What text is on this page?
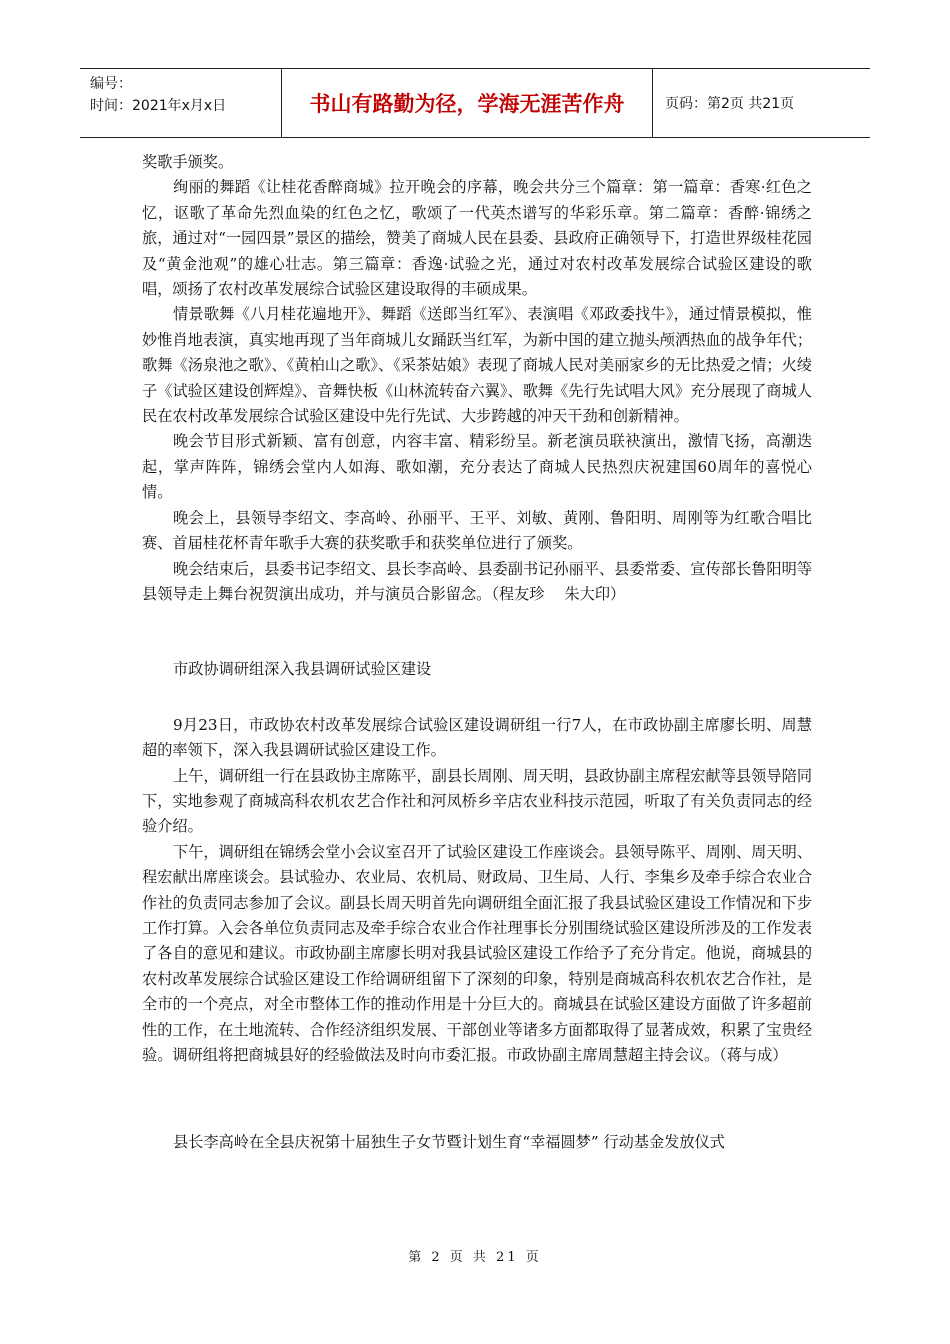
编号：
时间：2021年x月x日	书山有路勤为径，学海无涯苦作舟	页码：第2页 共21页

奖歌手颁奖。

绚丽的舞蹈《让桂花香醉商城》拉开晚会的序幕，晚会共分三个篇章：第一篇章：香寒·红色之忆，讴歌了革命先烈血染的红色之忆，歌颂了一代英杰谱写的华彩乐章。第二篇章：香醉·锦绣之旅，通过对“一园四景”景区的描绘，赞美了商城人民在县委、县政府正确领导下，打造世界级桂花园及“黄金池观”的雄心壮志。第三篇章：香逸·试验之光，通过对农村改革发展综合试验区建设的歌唱，颂扬了农村改革发展综合试验区建设取得的丰硕成果。

情景歌舞《八月桂花遍地开》、舞蹈《送郎当红军》、表演唱《邓政委找牛》，通过情景模拟，惟妙惟肖地表演，真实地再现了当年商城儿女踊跃当红军，为新中国的建立抛头颅洒热血的战争年代；歌舞《汤泉池之歌》、《黄柏山之歌》、《采茶姑娘》表现了商城人民对美丽家乡的无比热爱之情；火绫子《试验区建设创辉煌》、音舞快板《山林流转奋六翼》、歌舞《先行先试唱大风》充分展现了商城人民在农村改革发展综合试验区建设中先行先试、大步跨越的冲天干劲和创新精神。

晚会节目形式新颖、富有创意，内容丰富、精彩纷呈。新老演员联袂演出，激情飞扬，高潮迭起，掌声阵阵，锦绣会堂内人如海、歌如潮，充分表达了商城人民热烈庆祝建国60周年的喜悦心情。

晚会上，县领导李绍文、李高岭、孙丽平、王平、刘敏、黄刚、鲁阳明、周刚等为红歌合唱比赛、首届桂花杯青年歌手大赛的获奖歌手和获奖单位进行了颁奖。

晚会结束后，县委书记李绍文、县长李高岭、县委副书记孙丽平、县委常委、宣传部长鲁阳明等县领导走上舞台祝贺演出成功，并与演员合影留念。（程友珍　 朱大印）

市政协调研组深入我县调研试验区建设

9月23日，市政协农村改革发展综合试验区建设调研组一行7人，在市政协副主席廖长明、周慧超的率领下，深入我县调研试验区建设工作。

上午，调研组一行在县政协主席陈平，副县长周刚、周天明，县政协副主席程宏献等县领导陪同下，实地参观了商城高科农机农艺合作社和河凤桥乡辛店农业科技示范园，听取了有关负责同志的经验介绍。

下午，调研组在锦绣会堂小会议室召开了试验区建设工作座谈会。县领导陈平、周刚、周天明、程宏献出席座谈会。县试验办、农业局、农机局、财政局、卫生局、人行、李集乡及牵手综合农业合作社的负责同志参加了会议。副县长周天明首先向调研组全面汇报了我县试验区建设工作情况和下步工作打算。入会各单位负责同志及牵手综合农业合作社理事长分别围绕试验区建设所涉及的工作发表了各自的意见和建议。市政协副主席廖长明对我县试验区建设工作给予了充分肯定。他说，商城县的农村改革发展综合试验区建设工作给调研组留下了深刻的印象，特别是商城高科农机农艺合作社，是全市的一个亮点，对全市整体工作的推动作用是十分巨大的。商城县在试验区建设方面做了许多超前性的工作，在土地流转、合作经济组织发展、干部创业等诸多方面都取得了显著成效，积累了宝贵经验。调研组将把商城县好的经验做法及时向市委汇报。市政协副主席周慧超主持会议。（蒋与成）

县长李高岭在全县庆祝第十届独生子女节暨计划生育“幸福圆梦” 行动基金发放仪式
第 2 页 共 21 页
